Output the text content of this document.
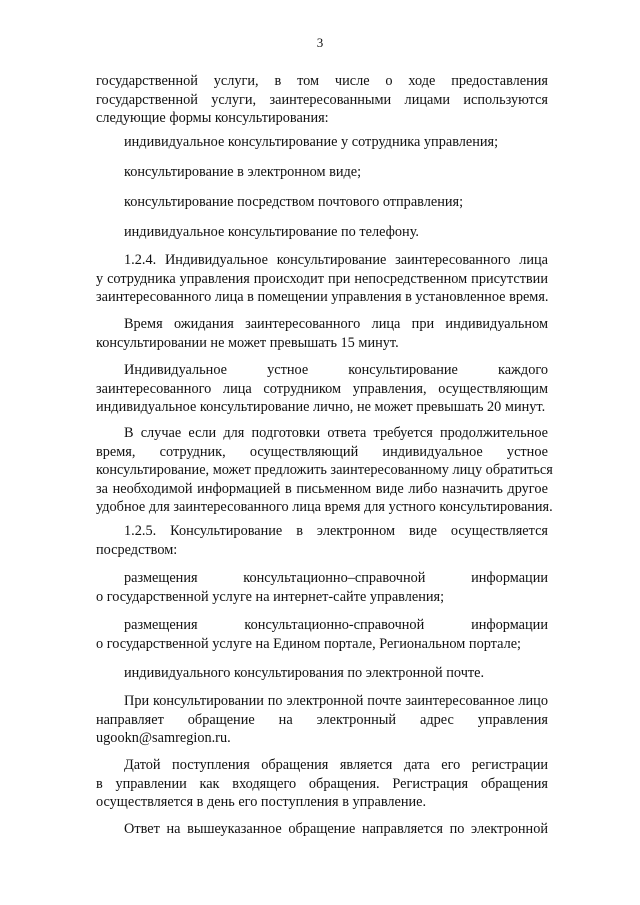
3
государственной услуги, в том числе о ходе предоставления
государственной услуги, заинтересованными лицами используются
следующие формы консультирования:
индивидуальное консультирование у сотрудника управления;
консультирование в электронном виде;
консультирование посредством почтового отправления;
индивидуальное консультирование по телефону.
1.2.4. Индивидуальное консультирование заинтересованного лица
у сотрудника управления происходит при непосредственном присутствии
заинтересованного лица в помещении управления в установленное время.
Время ожидания заинтересованного лица при индивидуальном
консультировании не может превышать 15 минут.
Индивидуальное устное консультирование каждого
заинтересованного лица сотрудником управления, осуществляющим
индивидуальное консультирование лично, не может превышать 20 минут.
В случае если для подготовки ответа требуется продолжительное
время, сотрудник, осуществляющий индивидуальное устное
консультирование, может предложить заинтересованному лицу обратиться
за необходимой информацией в письменном виде либо назначить другое
удобное для заинтересованного лица время для устного консультирования.
1.2.5. Консультирование в электронном виде осуществляется
посредством:
размещения консультационно–справочной информации
о государственной услуге на интернет-сайте управления;
размещения консультационно-справочной информации
о государственной услуге на Едином портале, Региональном портале;
индивидуального консультирования по электронной почте.
При консультировании по электронной почте заинтересованное лицо
направляет обращение на электронный адрес управления
ugookn@samregion.ru.
Датой поступления обращения является дата его регистрации
в управлении как входящего обращения. Регистрация обращения
осуществляется в день его поступления в управление.
Ответ на вышеуказанное обращение направляется по электронной
